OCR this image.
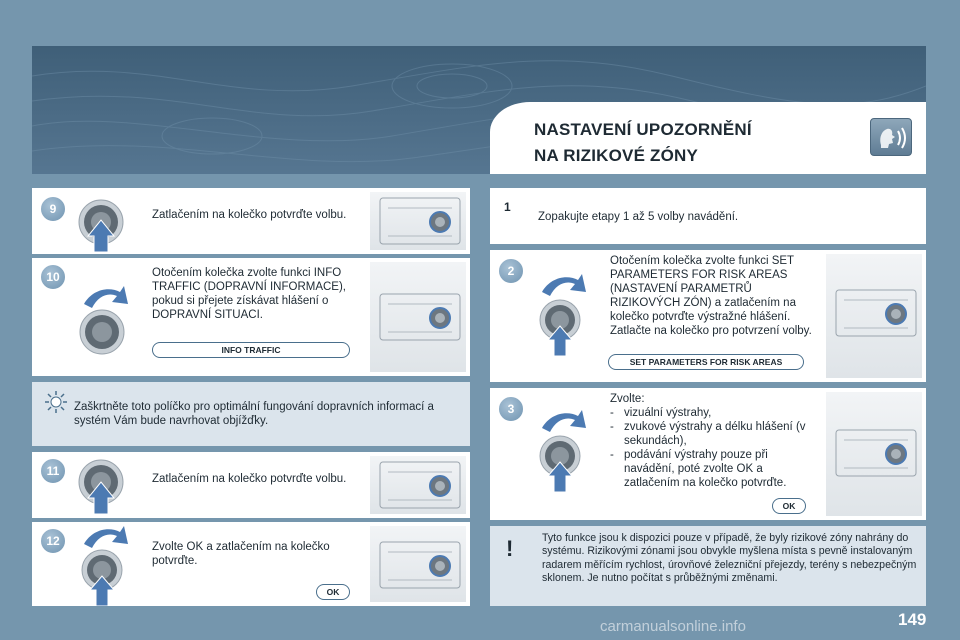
NASTAVENÍ UPOZORNĚNÍ
NA RIZIKOVÉ ZÓNY
9	Zatlačením na kolečko potvrďte volbu.
10	Otočením kolečka zvolte funkci INFO TRAFFIC (DOPRAVNÍ INFORMACE), pokud si přejete získávat hlášení o DOPRAVNÍ SITUACI.
INFO TRAFFIC
Zaškrtněte toto políčko pro optimální fungování dopravních informací a systém Vám bude navrhovat objížďky.
11
Zatlačením na kolečko potvrďte volbu.
12	Zvolte OK a zatlačením na kolečko potvrďte.
OK
1
Zopakujte etapy 1 až 5 volby navádění.
2
Otočením kolečka zvolte funkci SET PARAMETERS FOR RISK AREAS (NASTAVENÍ PARAMETRŮ RIZIKOVÝCH ZÓN) a zatlačením na kolečko potvrďte výstražné hlášení. Zatlačte na kolečko pro potvrzení volby.
SET PARAMETERS FOR RISK AREAS
3
Zvolte:
- vizuální výstrahy,
- zvukové výstrahy a délku hlášení (v sekundách),
- podávání výstrahy pouze při navádění, poté zvolte OK a zatlačením na kolečko potvrďte.
OK
!	Tyto funkce jsou k dispozici pouze v případě, že byly rizikové zóny nahrány do systému. Rizikovými zónami jsou obvykle myšlena místa s pevně instalovaným radarem měřícím rychlost, úrovňové železniční přejezdy, terény s nebezpečným sklonem. Je nutno počítat s průběžnými změnami.
carmanualsonline.info	149
